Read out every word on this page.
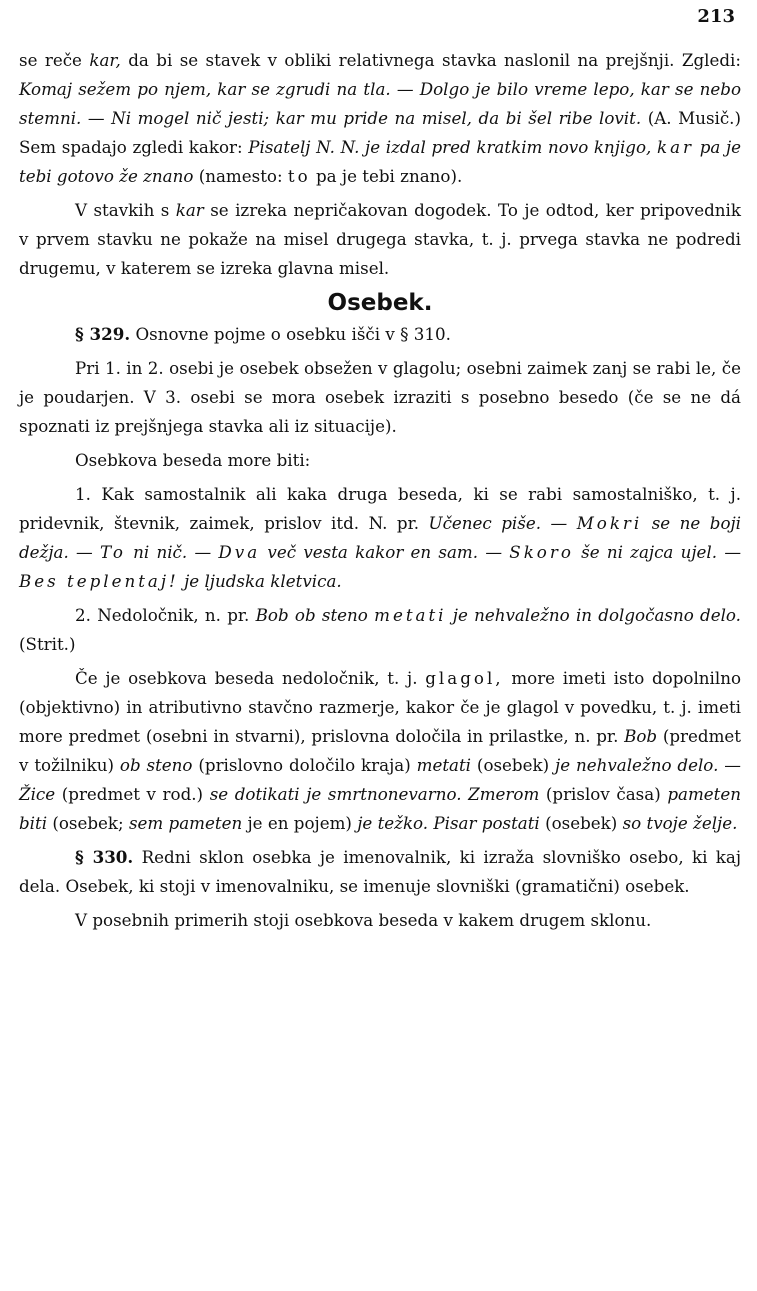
213

se reče kar, da bi se stavek v obliki relativnega stavka naslonil na prejšnji. Zgledi: Komaj sežem po njem, kar se zgrudi na tla. — Dolgo je bilo vreme lepo, kar se nebo stemni. — Ni mogel nič jesti; kar mu pride na misel, da bi šel ribe lovit. (A. Musič.) Sem spadajo zgledi kakor: Pisatelj N. N. je izdal pred kratkim novo knjigo, kar pa je tebi gotovo že znano (namesto: to pa je tebi znano).

V stavkih s kar se izreka nepričakovan dogodek. To je odtod, ker pripovednik v prvem stavku ne pokaže na misel drugega stavka, t. j. prvega stavka ne podredi drugemu, v katerem se izreka glavna misel.

Osebek.

§ 329. Osnovne pojme o osebku išči v § 310.

Pri 1. in 2. osebi je osebek obsežen v glagolu; osebni zaimek zanj se rabi le, če je poudarjen. V 3. osebi se mora osebek izraziti s posebno besedo (če se ne dá spoznati iz prejšnjega stavka ali iz situacije).

Osebkova beseda more biti:

1. Kak samostalnik ali kaka druga beseda, ki se rabi samostalniško, t. j. pridevnik, števnik, zaimek, prislov itd. N. pr. Učenec piše. — Mokri se ne boji dežja. — To ni nič. — Dva več vesta kakor en sam. — Skoro še ni zajca ujel. — Bes teplentaj! je ljudska kletvica.

2. Nedoločnik, n. pr. Bob ob steno metati je nehvaležno in dolgočasno delo. (Strit.)

Če je osebkova beseda nedoločnik, t. j. glagol, more imeti isto dopolnilno (objektivno) in atributivno stavčno razmerje, kakor če je glagol v povedku, t. j. imeti more predmet (osebni in stvarni), prislovna določila in prilastke, n. pr. Bob (predmet v tožilniku) ob steno (prislovno določilo kraja) metati (osebek) je nehvaležno delo. — Žice (predmet v rod.) se dotikati je smrtnonevarno. Zmerom (prislov časa) pameten biti (osebek; sem pameten je en pojem) je težko. Pisar postati (osebek) so tvoje želje.

§ 330. Redni sklon osebka je imenovalnik, ki izraža slovniško osebo, ki kaj dela. Osebek, ki stoji v imenovalniku, se imenuje slovniški (gramatični) osebek.

V posebnih primerih stoji osebkova beseda v kakem drugem sklonu.
